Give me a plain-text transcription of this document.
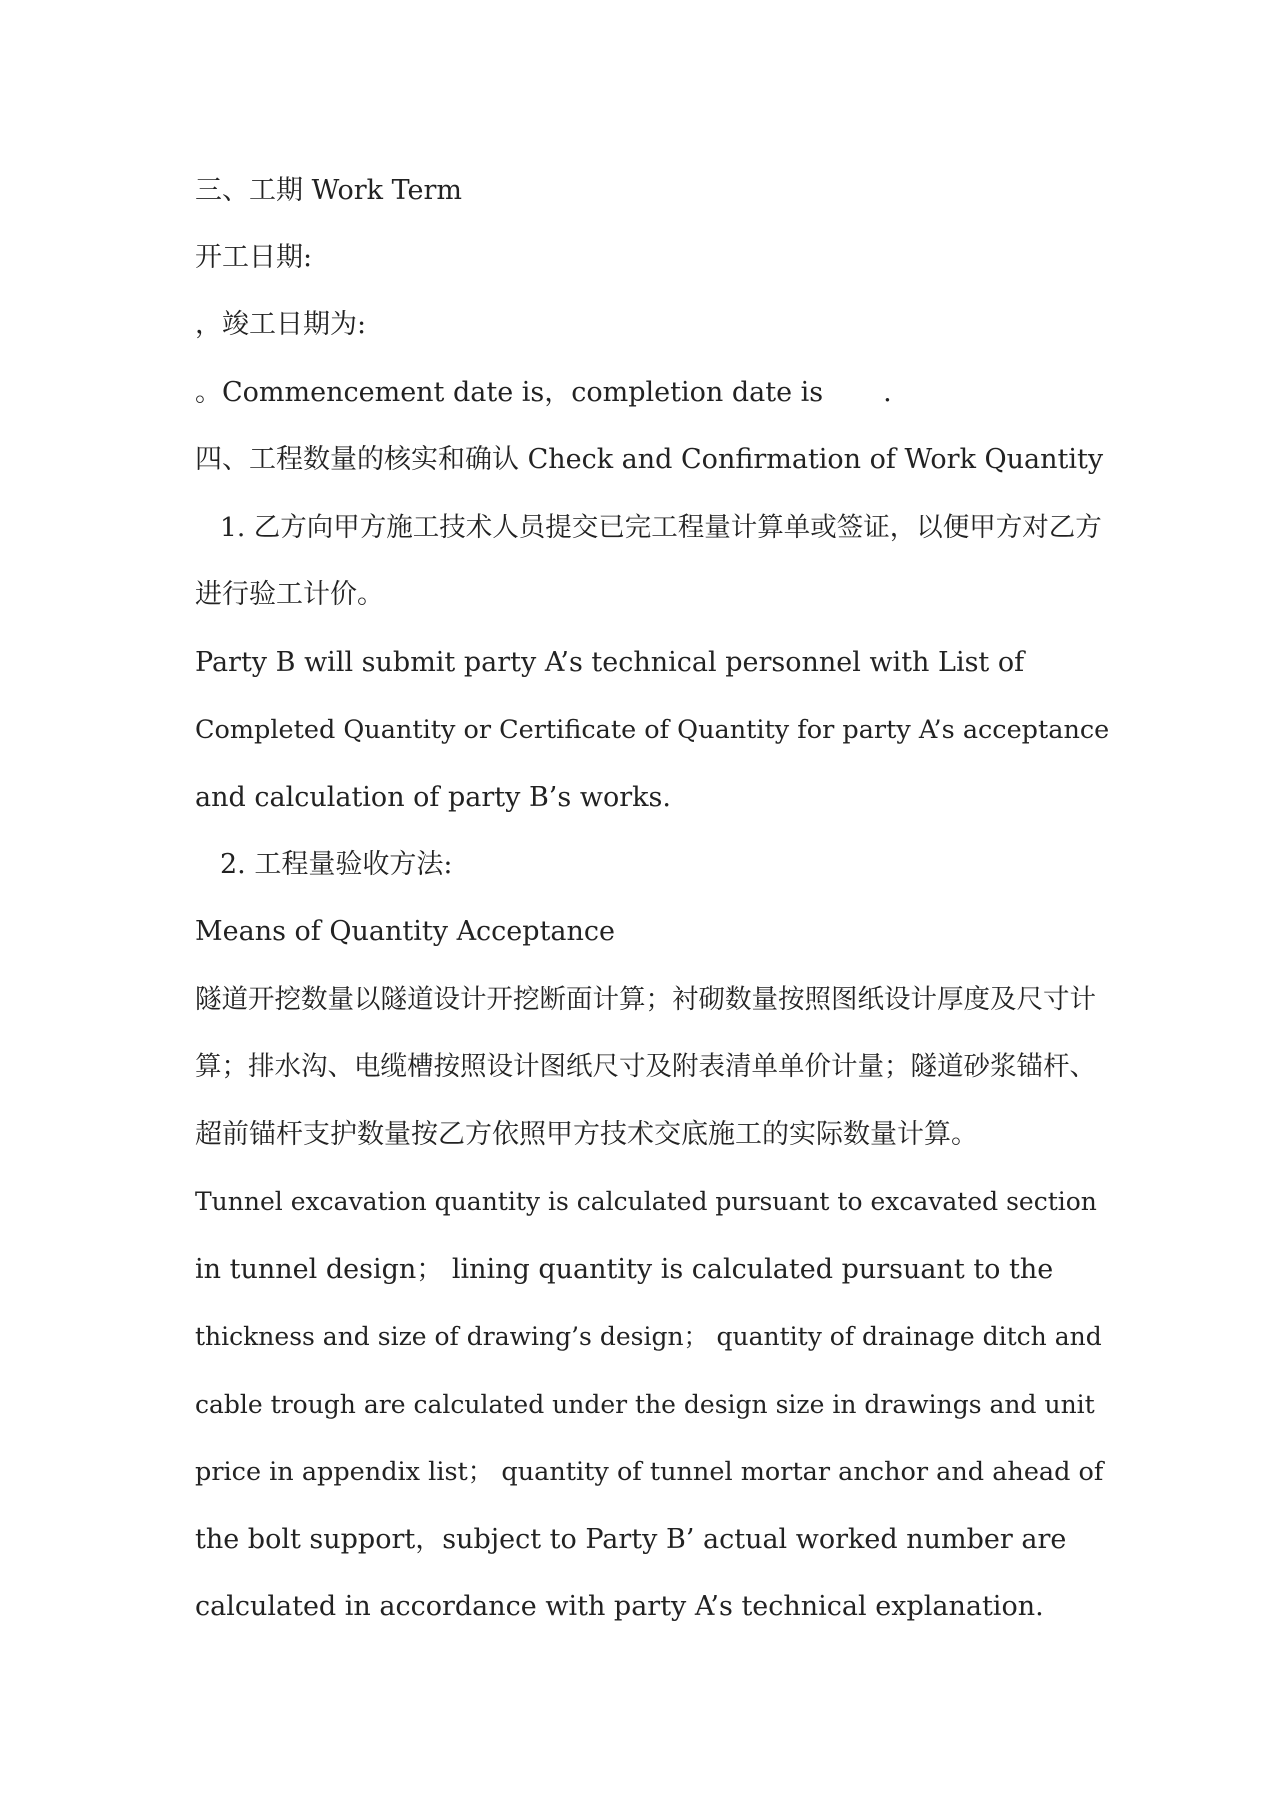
三、工期 Work Term
开工日期:
，竣工日期为:
。Commencement date is，completion date is .
四、工程数量的核实和确认 Check and Confirmation of Work Quantity
1. 乙方向甲方施工技术人员提交已完工程量计算单或签证，以便甲方对乙方
进行验工计价。
Party B will submit party A’s technical personnel with List of
Completed Quantity or Certificate of Quantity for party A’s acceptance
and calculation of party B’s works.
2. 工程量验收方法:
Means of Quantity Acceptance
隧道开挖数量以隧道设计开挖断面计算；衬砌数量按照图纸设计厚度及尺寸计
算；排水沟、电缆槽按照设计图纸尺寸及附表清单单价计量；隧道砂浆锚杆、
超前锚杆支护数量按乙方依照甲方技术交底施工的实际数量计算。
Tunnel excavation quantity is calculated pursuant to excavated section
in tunnel design； lining quantity is calculated pursuant to the
thickness and size of drawing’s design； quantity of drainage ditch and
cable trough are calculated under the design size in drawings and unit
price in appendix list； quantity of tunnel mortar anchor and ahead of
the bolt support，subject to Party B’ actual worked number are
calculated in accordance with party A’s technical explanation.
